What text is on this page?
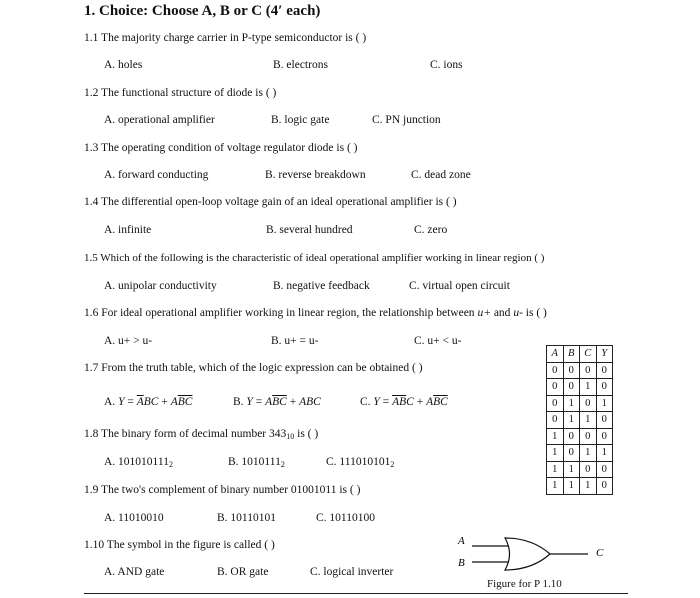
1. Choice: Choose A, B or C (4′ each)
1.1 The majority charge carrier in P-type semiconductor is ( )
A. holes	B. electrons	C. ions
1.2 The functional structure of diode is ( )
A. operational amplifier	B. logic gate	C. PN junction
1.3 The operating condition of voltage regulator diode is ( )
A. forward conducting	B. reverse breakdown	C. dead zone
1.4 The differential open-loop voltage gain of an ideal operational amplifier is ( )
A. infinite	B. several hundred	C. zero
1.5 Which of the following is the characteristic of ideal operational amplifier working in linear region ( )
A. unipolar conductivity	B. negative feedback	C. virtual open circuit
1.6 For ideal operational amplifier working in linear region, the relationship between u+ and u- is ( )
A. u+ > u-	B. u+ = u-	C. u+ < u-
1.7 From the truth table, which of the logic expression can be obtained ( )
A. $Y = \overline{A}BC + A\overline{BC}$	B. $Y = A\overline{BC}$ + ABC	C. $Y = \overline{AB}C + A\overline{B}\overline{C}$
1.8 The binary form of decimal number $343_{10}$ is ( )
A. $101010111_2$	B. $1010111_2$	C. $111010101_2$
1.9 The two's complement of binary number 01001011 is ( )
A. 11010010	B. 10110101	C. 10110100
1.10 The symbol in the figure is called ( )
A. AND gate	B. OR gate	C. logical inverter
A	B	C	Y
0	0	0	0
0	0	1	0
0	1	0	1
0	1	1	0
1	0	0	0
1	0	1	1
1	1	0	0
1	1	1	0
A
B
C
Figure for P 1.10
